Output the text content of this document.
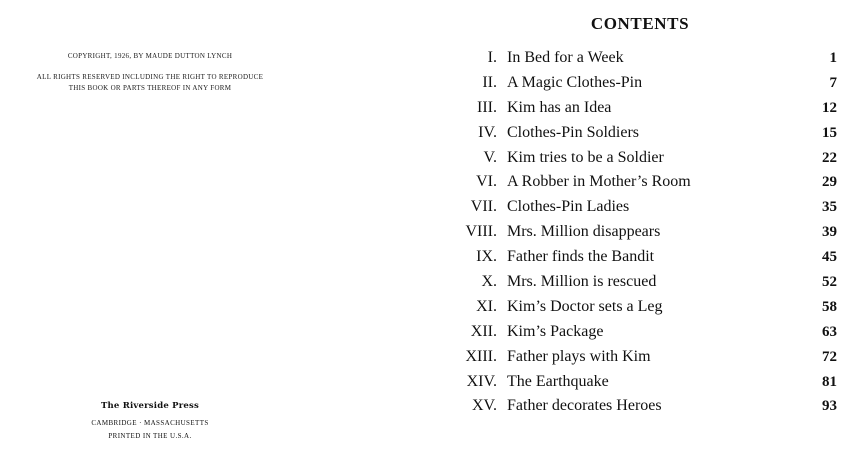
COPYRIGHT, 1926, BY MAUDE DUTTON LYNCH
ALL RIGHTS RESERVED INCLUDING THE RIGHT TO REPRODUCE
THIS BOOK OR PARTS THEREOF IN ANY FORM
The Riverside Press
CAMBRIDGE · MASSACHUSETTS
PRINTED IN THE U.S.A.
CONTENTS
I. In Bed for a Week	1
II. A Magic Clothes-Pin	7
III. Kim has an Idea	12
IV. Clothes-Pin Soldiers	15
V. Kim tries to be a Soldier	22
VI. A Robber in Mother’s Room	29
VII. Clothes-Pin Ladies	35
VIII. Mrs. Million disappears	39
IX. Father finds the Bandit	45
X. Mrs. Million is rescued	52
XI. Kim’s Doctor sets a Leg	58
XII. Kim’s Package	63
XIII. Father plays with Kim	72
XIV. The Earthquake	81
XV. Father decorates Heroes	93
